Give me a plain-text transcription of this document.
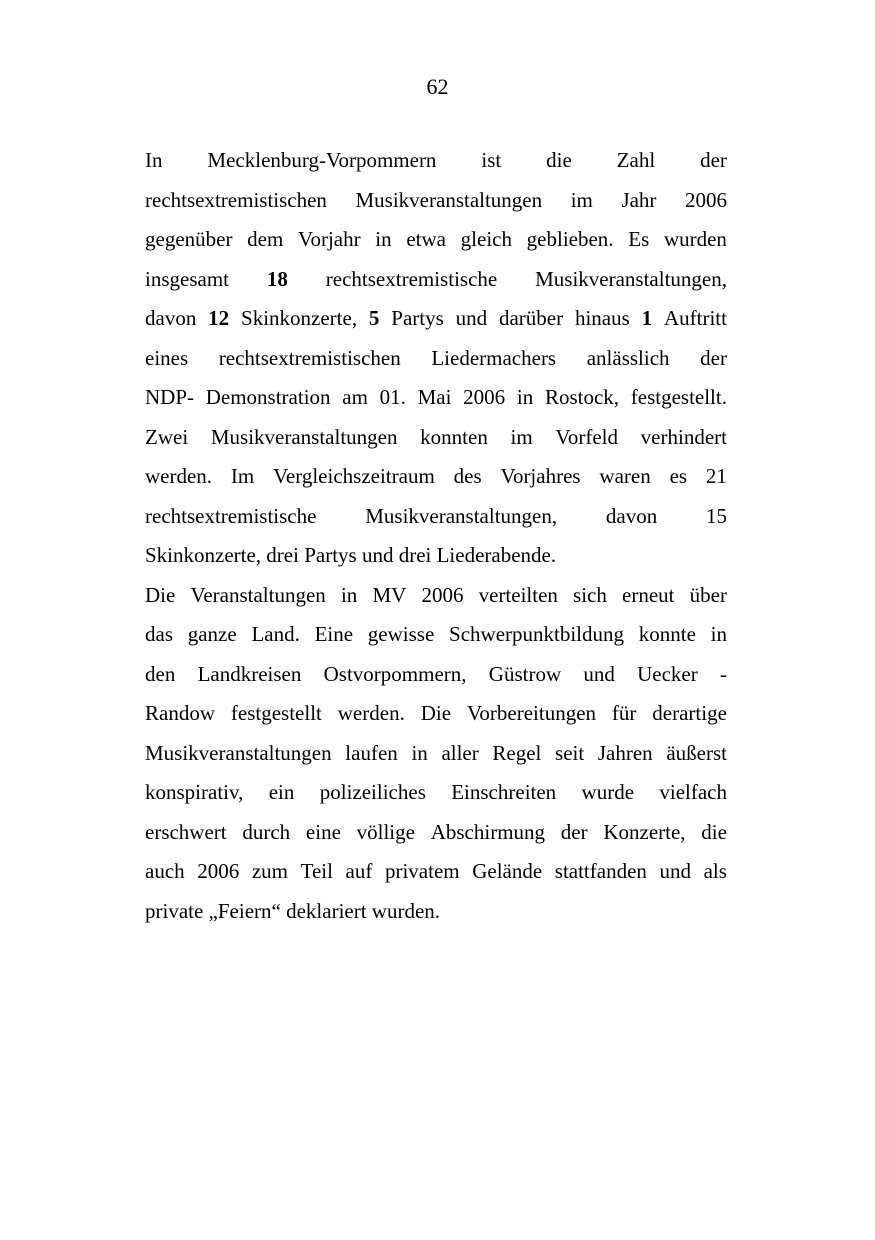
62
In Mecklenburg-Vorpommern ist die Zahl der
rechtsextremistischen Musikveranstaltungen im Jahr 2006
gegenüber dem Vorjahr in etwa gleich geblieben. Es wurden
insgesamt 18 rechtsextremistische Musikveranstaltungen,
davon 12 Skinkonzerte, 5 Partys und darüber hinaus 1 Auftritt
eines rechtsextremistischen Liedermachers anlässlich der
NDP- Demonstration am 01. Mai 2006 in Rostock, festgestellt.
Zwei Musikveranstaltungen konnten im Vorfeld verhindert
werden. Im Vergleichszeitraum des Vorjahres waren es 21
rechtsextremistische Musikveranstaltungen, davon 15
Skinkonzerte, drei Partys und drei Liederabende.
Die Veranstaltungen in MV 2006 verteilten sich erneut über
das ganze Land. Eine gewisse Schwerpunktbildung konnte in
den Landkreisen Ostvorpommern, Güstrow und Uecker -
Randow festgestellt werden. Die Vorbereitungen für derartige
Musikveranstaltungen laufen in aller Regel seit Jahren äußerst
konspirativ, ein polizeiliches Einschreiten wurde vielfach
erschwert durch eine völlige Abschirmung der Konzerte, die
auch 2006 zum Teil auf privatem Gelände stattfanden und als
private „Feiern“ deklariert wurden.
